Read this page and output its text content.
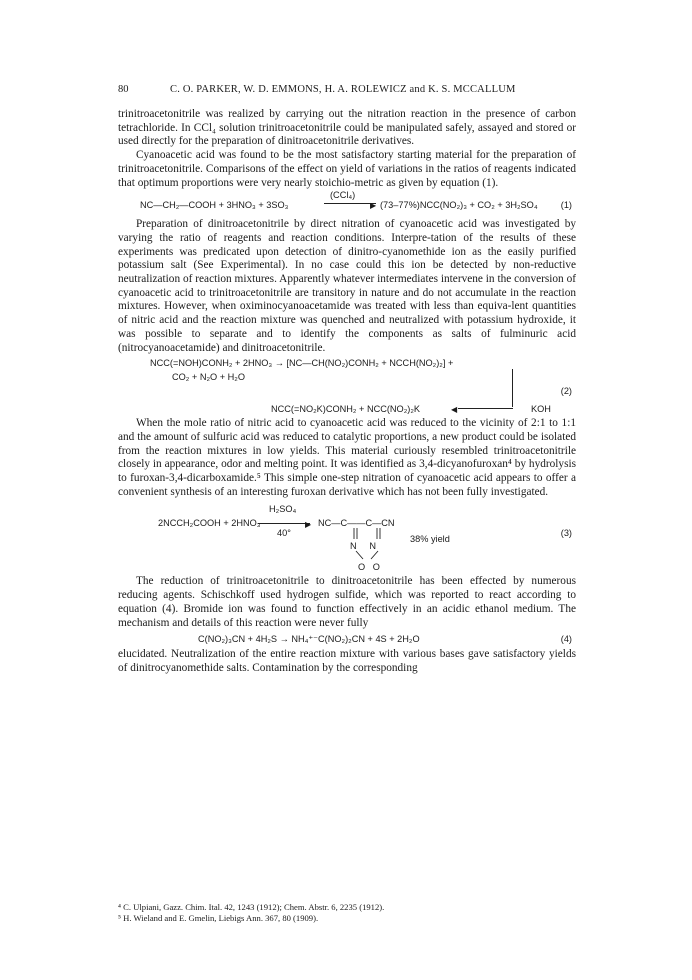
80	C. O. PARKER, W. D. EMMONS, H. A. ROLEWICZ and K. S. MCCALLUM

trinitroacetonitrile was realized by carrying out the nitration reaction in the presence of carbon tetrachloride. In CCl₄ solution trinitroacetonitrile could be manipulated safely, assayed and stored or used directly for the preparation of dinitroacetonitrile derivatives.

Cyanoacetic acid was found to be the most satisfactory starting material for the preparation of trinitroacetonitrile. Comparisons of the effect on yield of variations in the ratios of reagents indicated that optimum proportions were very nearly stoichio-metric as given by equation (1).

(CCl₄)
NC—CH₂—COOH + 3HNO₃ + 3SO₃	▶ (73–77%)NCC(NO₂)₃ + CO₂ + 3H₂SO₄	(1)

Preparation of dinitroacetonitrile by direct nitration of cyanoacetic acid was investigated by varying the ratio of reagents and reaction conditions. Interpre-tation of the results of these experiments was predicated upon detection of dinitro-cyanomethide ion as the easily purified potassium salt (See Experimental). In no case could this ion be detected by non-reductive neutralization of reaction mixtures. Apparently whatever intermediates intervene in the conversion of cyanoacetic acid to trinitroacetonitrile are transitory in nature and do not accumulate in the reaction mixtures. However, when oximinocyanoacetamide was treated with less than equiva-lent quantities of nitric acid and the reaction mixture was quenched and neutralized with potassium hydroxide, it was possible to separate and to identify the components as salts of fulminuric acid (nitrocyanoacetamide) and dinitroacetonitrile.

NCC(=NOH)CONH₂ + 2HNO₃ → [NC—CH(NO₂)CONH₂ + NCCH(NO₂)₂] +
CO₂ + N₂O + H₂O
◀
NCC(=NO₂K)CONH₂ + NCC(NO₂)₂K	KOH
(2)

When the mole ratio of nitric acid to cyanoacetic acid was reduced to the vicinity of 2:1 to 1:1 and the amount of sulfuric acid was reduced to catalytic proportions, a new product could be isolated from the reaction mixtures in low yields. This material curiously resembled trinitroacetonitrile closely in appearance, odor and melting point. It was identified as 3,4-dicyanofuroxan⁴ by hydrolysis to furoxan-3,4-dicarboxamide.⁵ This simple one-step nitration of cyanoacetic acid appears to offer a convenient synthesis of an interesting furoxan derivative which has not been fully investigated.

H₂SO₄
2NCCH₂COOH + 2HNO₃	▶
40°
NC—C——C—CN
N     N
O   O
38% yield
(3)

The reduction of trinitroacetonitrile to dinitroacetonitrile has been effected by numerous reducing agents. Schischkoff used hydrogen sulfide, which was reported to react according to equation (4). Bromide ion was found to function effectively in an acidic ethanol medium. The mechanism and details of this reaction were never fully

C(NO₂)₃CN + 4H₂S → NH₄⁺⁻C(NO₂)₂CN + 4S + 2H₂O	(4)

elucidated. Neutralization of the entire reaction mixture with various bases gave satisfactory yields of dinitrocyanomethide salts. Contamination by the corresponding

⁴ C. Ulpiani, Gazz. Chim. Ital. 42, 1243 (1912); Chem. Abstr. 6, 2235 (1912).
⁵ H. Wieland and E. Gmelin, Liebigs Ann. 367, 80 (1909).
